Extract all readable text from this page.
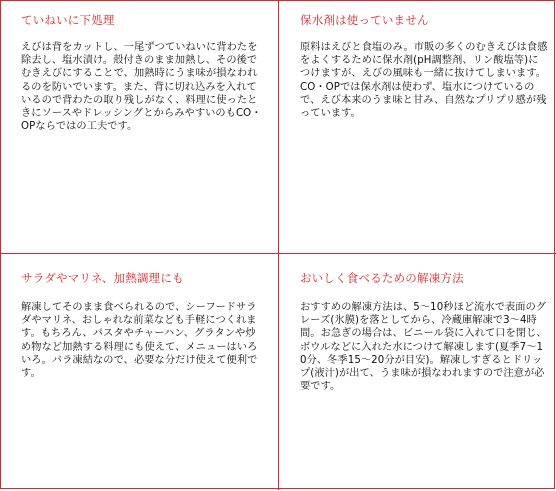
ていねいに下処理

えびは背をカットし、一尾ずつていねいに背わたを除去し、塩水漬け。殻付きのまま加熱し、その後でむきえびにすることで、加熱時にうま味が損なわれるのを防いでいます。また、背に切れ込みを入れているので背わたの取り残しがなく、料理に使ったときにソースやドレッシングとからみやすいのもCO・OPならではの工夫です。

保水剤は使っていません

原料はえびと食塩のみ。市販の多くのむきえびは食感をよくするために保水剤(pH調整剤、リン酸塩等)につけますが、えびの風味も一緒に抜けてしまいます。CO・OPでは保水剤は使わず、塩水につけているので、えび本来のうま味と甘み、自然なプリプリ感が残っています。

サラダやマリネ、加熱調理にも

解凍してそのまま食べられるので、シーフードサラダやマリネ、おしゃれな前菜なども手軽につくれます。もちろん、パスタやチャーハン、グラタンや炒め物など加熱する料理にも使えて、メニューはいろいろ。バラ凍結なので、必要な分だけ使えて便利です。

おいしく食べるための解凍方法

おすすめの解凍方法は、5～10秒ほど流水で表面のグレーズ(氷膜)を落としてから、冷蔵庫解凍で3～4時間。お急ぎの場合は、ビニール袋に入れて口を閉じ、ボウルなどに入れた水につけて解凍します(夏季7～10分、冬季15～20分が目安)。解凍しすぎるとドリップ(液汁)が出て、うま味が損なわれますので注意が必要です。
